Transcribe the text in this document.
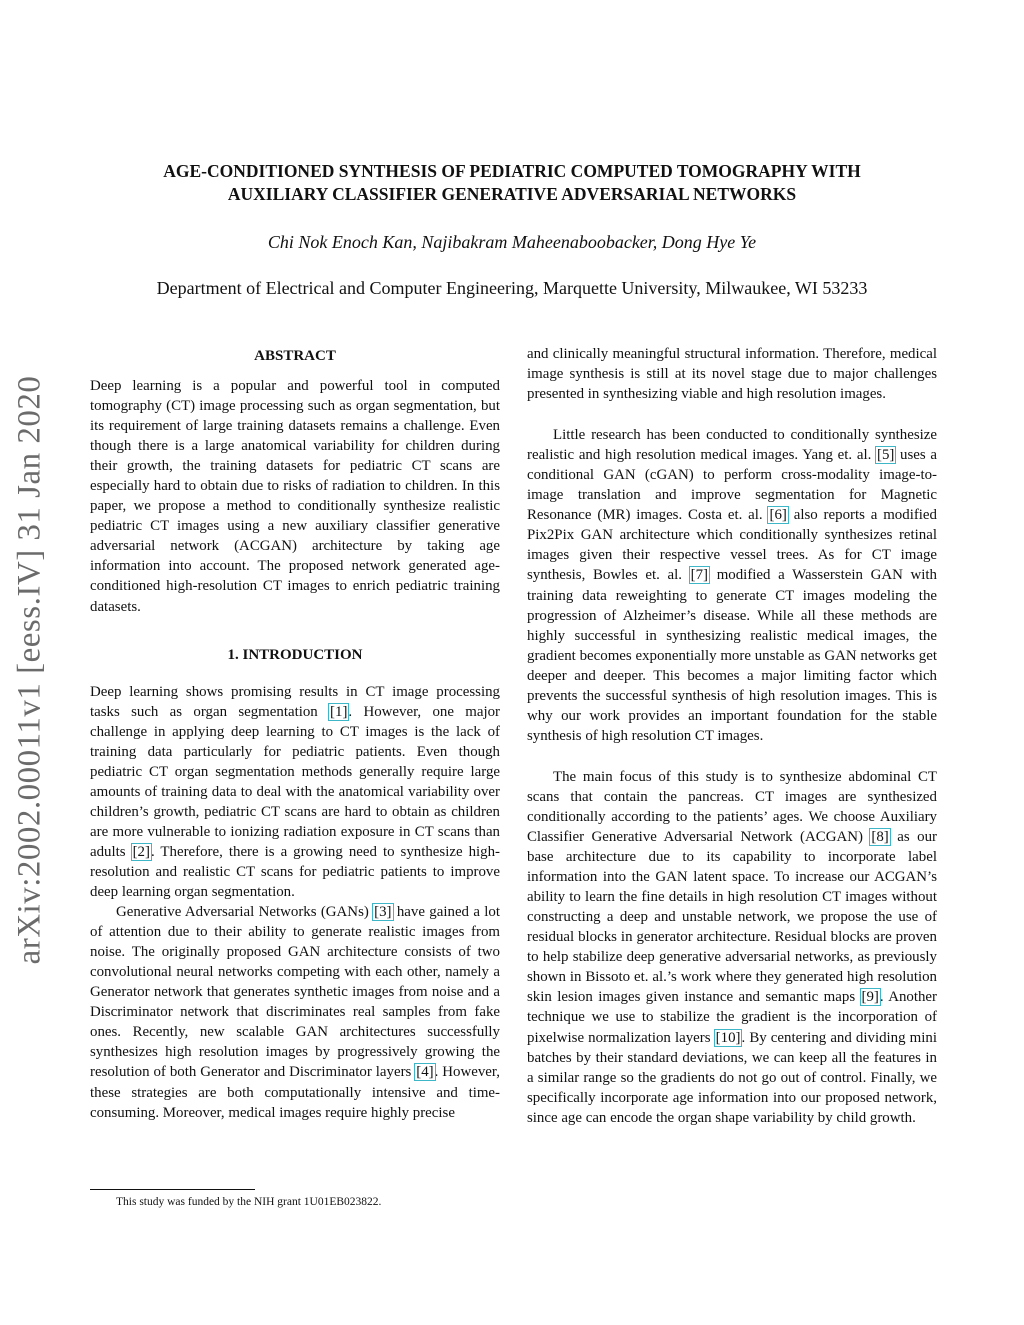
arXiv:2002.00011v1 [eess.IV] 31 Jan 2020
AGE-CONDITIONED SYNTHESIS OF PEDIATRIC COMPUTED TOMOGRAPHY WITH
AUXILIARY CLASSIFIER GENERATIVE ADVERSARIAL NETWORKS
Chi Nok Enoch Kan, Najibakram Maheenaboobacker, Dong Hye Ye
Department of Electrical and Computer Engineering, Marquette University, Milwaukee, WI 53233
ABSTRACT

Deep learning is a popular and powerful tool in computed tomography (CT) image processing such as organ segmentation, but its requirement of large training datasets remains a challenge. Even though there is a large anatomical variability for children during their growth, the training datasets for pediatric CT scans are especially hard to obtain due to risks of radiation to children. In this paper, we propose a method to conditionally synthesize realistic pediatric CT images using a new auxiliary classifier generative adversarial network (ACGAN) architecture by taking age information into account. The proposed network generated age-conditioned high-resolution CT images to enrich pediatric training datasets.

1. INTRODUCTION

Deep learning shows promising results in CT image processing tasks such as organ segmentation [1]. However, one major challenge in applying deep learning to CT images is the lack of training data particularly for pediatric patients. Even though pediatric CT organ segmentation methods generally require large amounts of training data to deal with the anatomical variability over children’s growth, pediatric CT scans are hard to obtain as children are more vulnerable to ionizing radiation exposure in CT scans than adults [2]. Therefore, there is a growing need to synthesize high-resolution and realistic CT scans for pediatric patients to improve deep learning organ segmentation.

Generative Adversarial Networks (GANs) [3] have gained a lot of attention due to their ability to generate realistic images from noise. The originally proposed GAN architecture consists of two convolutional neural networks competing with each other, namely a Generator network that generates synthetic images from noise and a Discriminator network that discriminates real samples from fake ones. Recently, new scalable GAN architectures successfully synthesizes high resolution images by progressively growing the resolution of both Generator and Discriminator layers [4]. However, these strategies are both computationally intensive and time-consuming. Moreover, medical images require highly precise

and clinically meaningful structural information. Therefore, medical image synthesis is still at its novel stage due to major challenges presented in synthesizing viable and high resolution images.

Little research has been conducted to conditionally synthesize realistic and high resolution medical images. Yang et. al. [5] uses a conditional GAN (cGAN) to perform cross-modality image-to-image translation and improve segmentation for Magnetic Resonance (MR) images. Costa et. al. [6] also reports a modified Pix2Pix GAN architecture which conditionally synthesizes retinal images given their respective vessel trees. As for CT image synthesis, Bowles et. al. [7] modified a Wasserstein GAN with training data reweighting to generate CT images modeling the progression of Alzheimer’s disease. While all these methods are highly successful in synthesizing realistic medical images, the gradient becomes exponentially more unstable as GAN networks get deeper and deeper. This becomes a major limiting factor which prevents the successful synthesis of high resolution images. This is why our work provides an important foundation for the stable synthesis of high resolution CT images.

The main focus of this study is to synthesize abdominal CT scans that contain the pancreas. CT images are synthesized conditionally according to the patients’ ages. We choose Auxiliary Classifier Generative Adversarial Network (ACGAN) [8] as our base architecture due to its capability to incorporate label information into the GAN latent space. To increase our ACGAN’s ability to learn the fine details in high resolution CT images without constructing a deep and unstable network, we propose the use of residual blocks in generator architecture. Residual blocks are proven to help stabilize deep generative adversarial networks, as previously shown in Bissoto et. al.’s work where they generated high resolution skin lesion images given instance and semantic maps [9]. Another technique we use to stabilize the gradient is the incorporation of pixelwise normalization layers [10]. By centering and dividing mini batches by their standard deviations, we can keep all the features in a similar range so the gradients do not go out of control. Finally, we specifically incorporate age information into our proposed network, since age can encode the organ shape variability by child growth.

This study was funded by the NIH grant 1U01EB023822.
